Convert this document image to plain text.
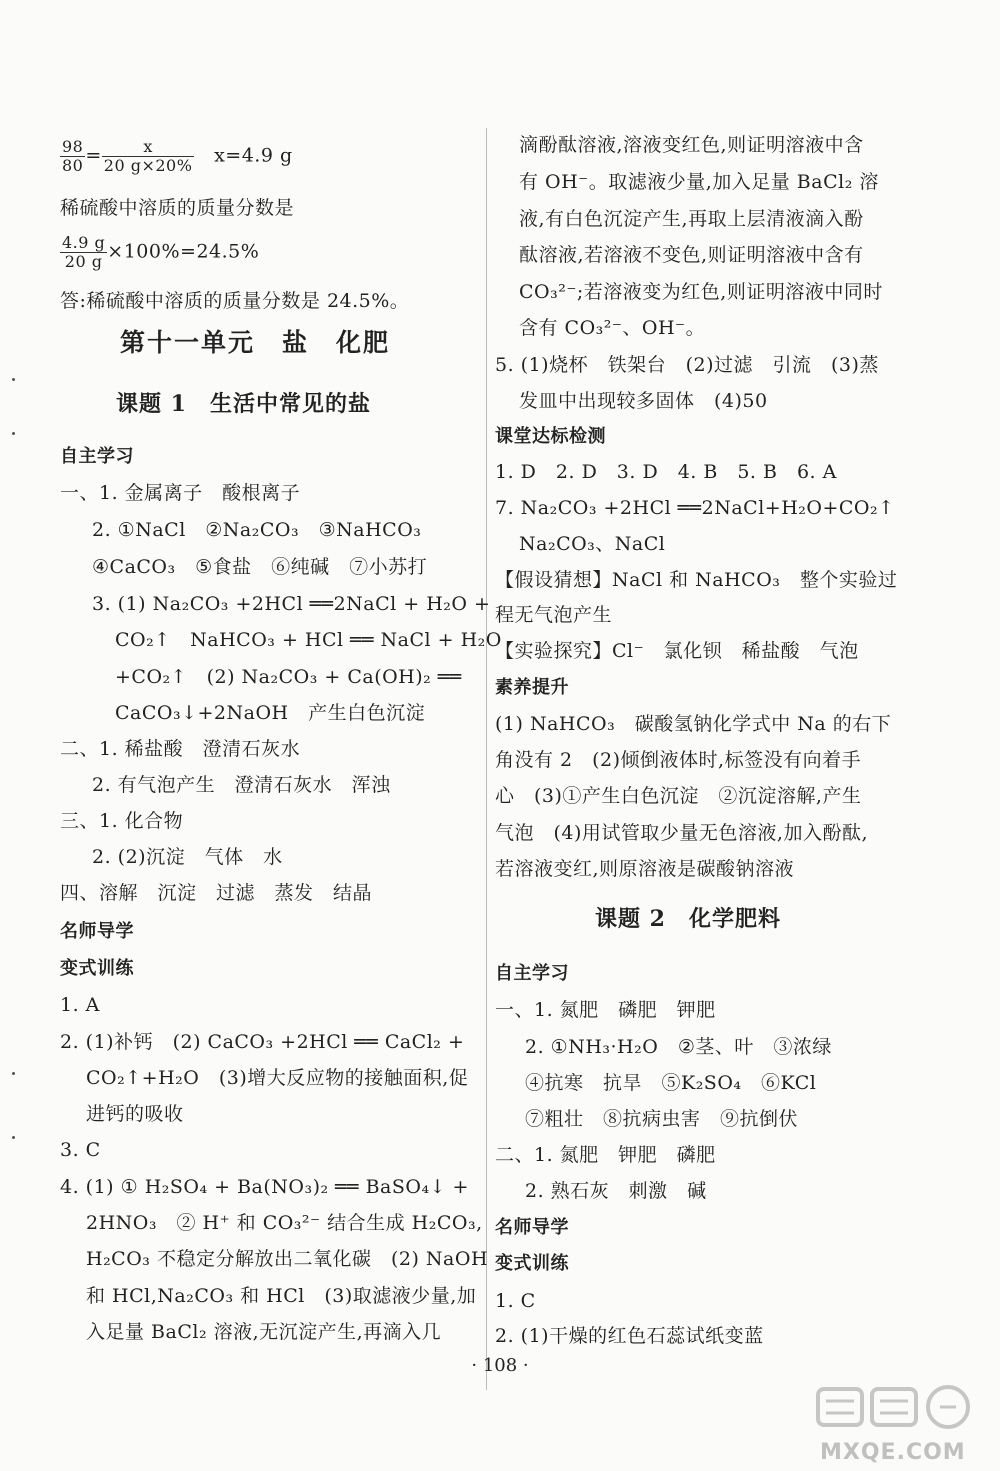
$\frac{98}{80} = \frac{x}{20 g\times 20\%} x=4.9$ g
稀硫酸中溶质的质量分数是
$\frac{4.9 g}{20 g} \times 100\%=24.5\%$
答:稀硫酸中溶质的质量分数是 24.5%。
第十一单元　盐　化肥
课题 1　生活中常见的盐
自主学习
一、1. 金属离子　酸根离子
2. ①NaCl　②Na₂CO₃　③NaHCO₃
④CaCO₃　⑤食盐　⑥纯碱　⑦小苏打
3. (1) Na₂CO₃ +2HCl ══2NaCl + H₂O +
CO₂↑　NaHCO₃ + HCl ══ NaCl + H₂O
+CO₂↑　(2) Na₂CO₃ + Ca(OH)₂ ══
CaCO₃↓+2NaOH　产生白色沉淀
二、1. 稀盐酸　澄清石灰水
2. 有气泡产生　澄清石灰水　浑浊
三、1. 化合物
2. (2)沉淀　气体　水
四、溶解　沉淀　过滤　蒸发　结晶
名师导学
变式训练
1. A
2. (1)补钙　(2) CaCO₃ +2HCl ══ CaCl₂ +
CO₂↑+H₂O　(3)增大反应物的接触面积,促
进钙的吸收
3. C
4. (1) ① H₂SO₄ + Ba(NO₃)₂ ══ BaSO₄↓ +
2HNO₃　② H⁺ 和 CO₃²⁻ 结合生成 H₂CO₃,
H₂CO₃ 不稳定分解放出二氧化碳　(2) NaOH
和 HCl,Na₂CO₃ 和 HCl　(3)取滤液少量,加
入足量 BaCl₂ 溶液,无沉淀产生,再滴入几
滴酚酞溶液,溶液变红色,则证明溶液中含
有 OH⁻。取滤液少量,加入足量 BaCl₂ 溶
液,有白色沉淀产生,再取上层清液滴入酚
酞溶液,若溶液不变色,则证明溶液中含有
CO₃²⁻;若溶液变为红色,则证明溶液中同时
含有 CO₃²⁻、OH⁻。
5. (1)烧杯　铁架台　(2)过滤　引流　(3)蒸
发皿中出现较多固体　(4)50
课堂达标检测
1. D　2. D　3. D　4. B　5. B　6. A
7. Na₂CO₃ +2HCl ══2NaCl+H₂O+CO₂↑
Na₂CO₃、NaCl
【假设猜想】NaCl 和 NaHCO₃　整个实验过
程无气泡产生
【实验探究】Cl⁻　氯化钡　稀盐酸　气泡
素养提升
(1) NaHCO₃　碳酸氢钠化学式中 Na 的右下
角没有 2　(2)倾倒液体时,标签没有向着手
心　(3)①产生白色沉淀　②沉淀溶解,产生
气泡　(4)用试管取少量无色溶液,加入酚酞,
若溶液变红,则原溶液是碳酸钠溶液
课题 2　化学肥料
自主学习
一、1. 氮肥　磷肥　钾肥
2. ①NH₃·H₂O　②茎、叶　③浓绿
④抗寒　抗旱　⑤K₂SO₄　⑥KCl
⑦粗壮　⑧抗病虫害　⑨抗倒伏
二、1. 氮肥　钾肥　磷肥
2. 熟石灰　刺激　碱
名师导学
变式训练
1. C
2. (1)干燥的红色石蕊试纸变蓝
· 108 ·
MXQE.COM
